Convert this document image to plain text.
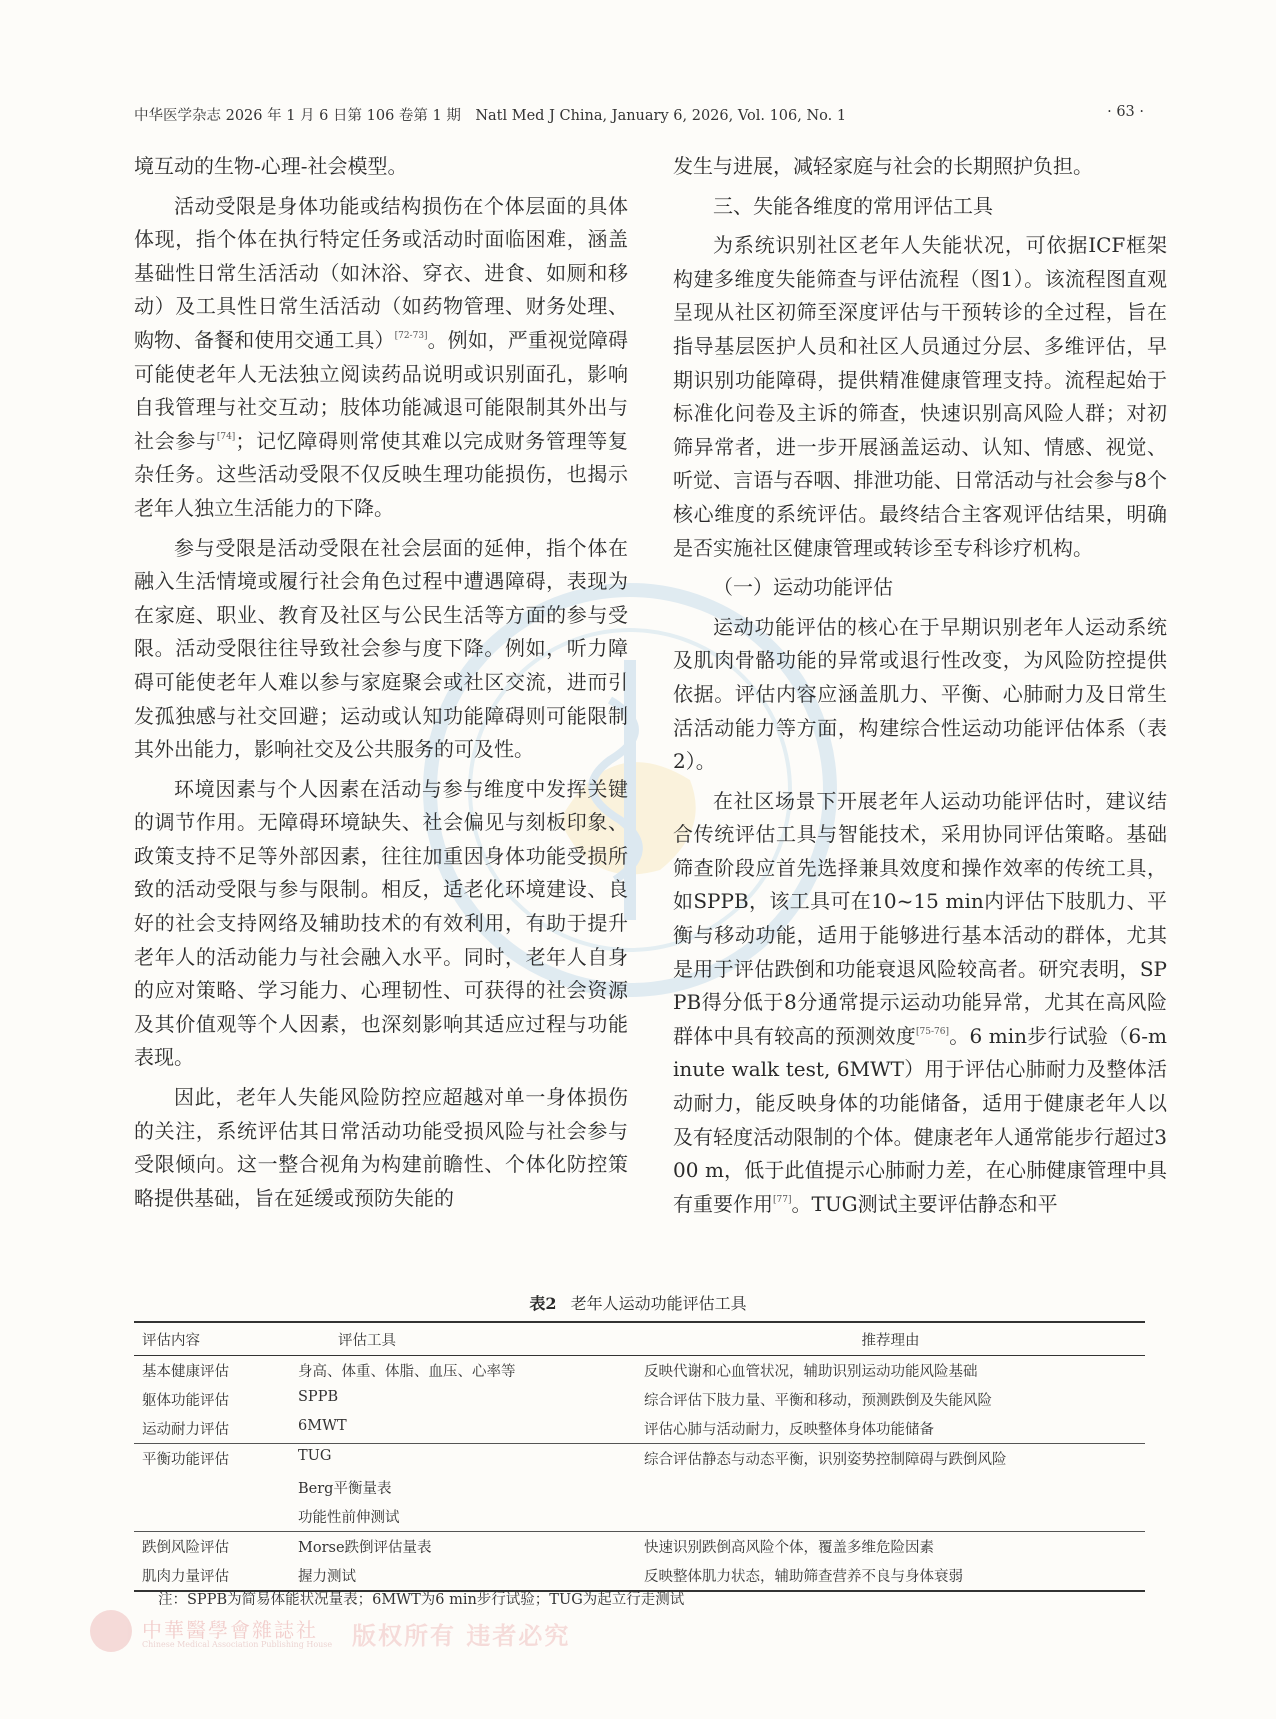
中华医学杂志 2026 年 1 月 6 日第 106 卷第 1 期　Natl Med J China, January 6, 2026, Vol. 106, No. 1	· 63 ·

境互动的生物-心理-社会模型。

活动受限是身体功能或结构损伤在个体层面的具体体现，指个体在执行特定任务或活动时面临困难，涵盖基础性日常生活活动（如沐浴、穿衣、进食、如厕和移动）及工具性日常生活活动（如药物管理、财务处理、购物、备餐和使用交通工具）[72-73]。例如，严重视觉障碍可能使老年人无法独立阅读药品说明或识别面孔，影响自我管理与社交互动；肢体功能减退可能限制其外出与社会参与[74]；记忆障碍则常使其难以完成财务管理等复杂任务。这些活动受限不仅反映生理功能损伤，也揭示老年人独立生活能力的下降。

参与受限是活动受限在社会层面的延伸，指个体在融入生活情境或履行社会角色过程中遭遇障碍，表现为在家庭、职业、教育及社区与公民生活等方面的参与受限。活动受限往往导致社会参与度下降。例如，听力障碍可能使老年人难以参与家庭聚会或社区交流，进而引发孤独感与社交回避；运动或认知功能障碍则可能限制其外出能力，影响社交及公共服务的可及性。

环境因素与个人因素在活动与参与维度中发挥关键的调节作用。无障碍环境缺失、社会偏见与刻板印象、政策支持不足等外部因素，往往加重因身体功能受损所致的活动受限与参与限制。相反，适老化环境建设、良好的社会支持网络及辅助技术的有效利用，有助于提升老年人的活动能力与社会融入水平。同时，老年人自身的应对策略、学习能力、心理韧性、可获得的社会资源及其价值观等个人因素，也深刻影响其适应过程与功能表现。

因此，老年人失能风险防控应超越对单一身体损伤的关注，系统评估其日常活动功能受损风险与社会参与受限倾向。这一整合视角为构建前瞻性、个体化防控策略提供基础，旨在延缓或预防失能的

发生与进展，减轻家庭与社会的长期照护负担。

三、失能各维度的常用评估工具

为系统识别社区老年人失能状况，可依据ICF框架构建多维度失能筛查与评估流程（图1）。该流程图直观呈现从社区初筛至深度评估与干预转诊的全过程，旨在指导基层医护人员和社区人员通过分层、多维评估，早期识别功能障碍，提供精准健康管理支持。流程起始于标准化问卷及主诉的筛查，快速识别高风险人群；对初筛异常者，进一步开展涵盖运动、认知、情感、视觉、听觉、言语与吞咽、排泄功能、日常活动与社会参与8个核心维度的系统评估。最终结合主客观评估结果，明确是否实施社区健康管理或转诊至专科诊疗机构。

（一）运动功能评估

运动功能评估的核心在于早期识别老年人运动系统及肌肉骨骼功能的异常或退行性改变，为风险防控提供依据。评估内容应涵盖肌力、平衡、心肺耐力及日常生活活动能力等方面，构建综合性运动功能评估体系（表2）。

在社区场景下开展老年人运动功能评估时，建议结合传统评估工具与智能技术，采用协同评估策略。基础筛查阶段应首先选择兼具效度和操作效率的传统工具，如SPPB，该工具可在10~15 min内评估下肢肌力、平衡与移动功能，适用于能够进行基本活动的群体，尤其是用于评估跌倒和功能衰退风险较高者。研究表明，SPPB得分低于8分通常提示运动功能异常，尤其在高风险群体中具有较高的预测效度[75-76]。6 min步行试验（6-minute walk test, 6MWT）用于评估心肺耐力及整体活动耐力，能反映身体的功能储备，适用于健康老年人以及有轻度活动限制的个体。健康老年人通常能步行超过300 m，低于此值提示心肺耐力差，在心肺健康管理中具有重要作用[77]。TUG测试主要评估静态和平

表2 老年人运动功能评估工具
评估内容	评估工具	推荐理由
基本健康评估	身高、体重、体脂、血压、心率等	反映代谢和心血管状况，辅助识别运动功能风险基础
躯体功能评估	SPPB	综合评估下肢力量、平衡和移动，预测跌倒及失能风险
运动耐力评估	6MWT	评估心肺与活动耐力，反映整体身体功能储备
平衡功能评估	TUG	综合评估静态与动态平衡，识别姿势控制障碍与跌倒风险
	Berg平衡量表	
	功能性前伸测试	
跌倒风险评估	Morse跌倒评估量表	快速识别跌倒高风险个体，覆盖多维危险因素
肌肉力量评估	握力测试	反映整体肌力状态，辅助筛查营养不良与身体衰弱
注：SPPB为简易体能状况量表；6MWT为6 min步行试验；TUG为起立行走测试
中華醫學會雜誌社
Chinese Medical Association Publishing House 版权所有 违者必究
